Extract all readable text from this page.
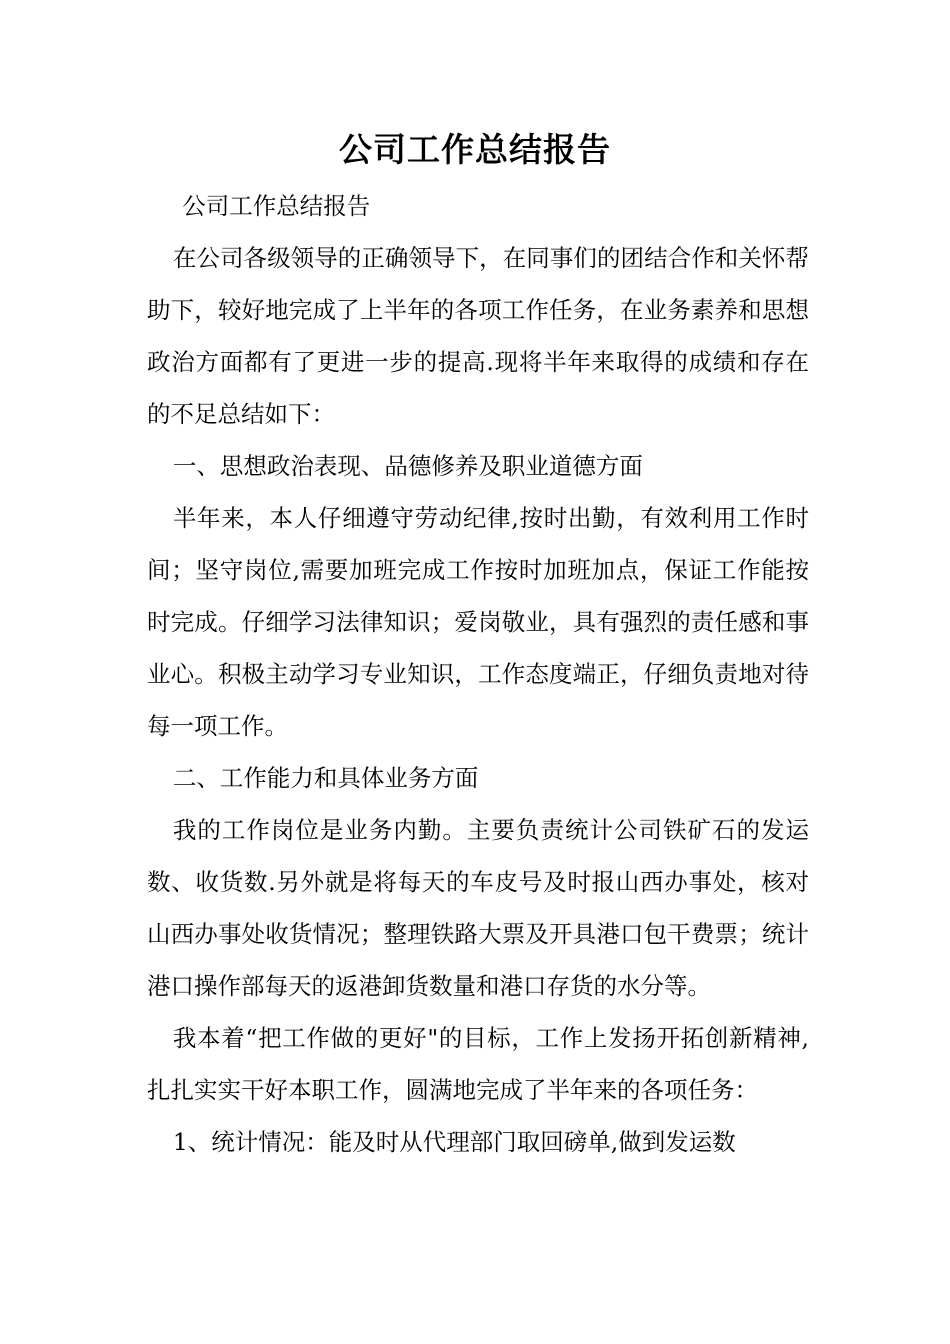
公司工作总结报告

公司工作总结报告

在公司各级领导的正确领导下，在同事们的团结合作和关怀帮助下，较好地完成了上半年的各项工作任务，在业务素养和思想政治方面都有了更进一步的提高.现将半年来取得的成绩和存在的不足总结如下：

一、思想政治表现、品德修养及职业道德方面

半年来，本人仔细遵守劳动纪律,按时出勤，有效利用工作时间；坚守岗位,需要加班完成工作按时加班加点，保证工作能按时完成。仔细学习法律知识；爱岗敬业，具有强烈的责任感和事业心。积极主动学习专业知识，工作态度端正，仔细负责地对待每一项工作。

二、工作能力和具体业务方面

我的工作岗位是业务内勤。主要负责统计公司铁矿石的发运数、收货数.另外就是将每天的车皮号及时报山西办事处，核对山西办事处收货情况；整理铁路大票及开具港口包干费票；统计港口操作部每天的返港卸货数量和港口存货的水分等。

我本着“把工作做的更好"的目标，工作上发扬开拓创新精神,扎扎实实干好本职工作，圆满地完成了半年来的各项任务：

1、统计情况：能及时从代理部门取回磅单,做到发运数
